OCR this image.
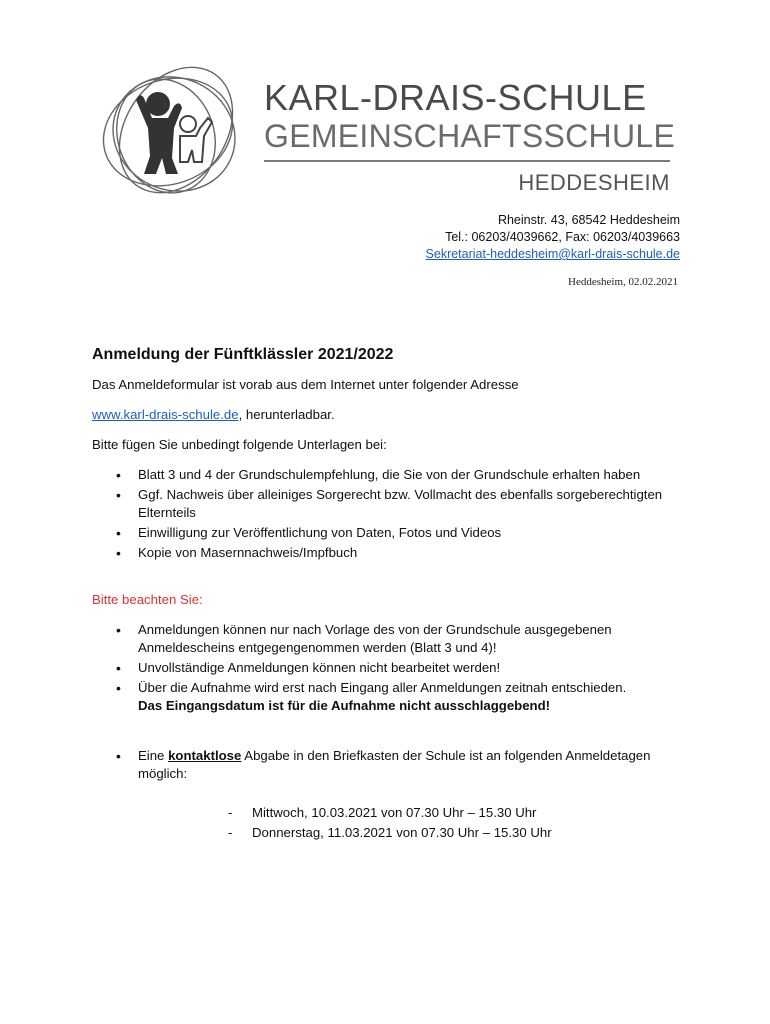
KARL-DRAIS-SCHULE
GEMEINSCHAFTSSCHULE
HEDDESHEIM
Rheinstr. 43, 68542 Heddesheim
Tel.: 06203/4039662, Fax: 06203/4039663
Sekretariat-heddesheim@karl-drais-schule.de
Heddesheim, 02.02.2021
Anmeldung der Fünftklässler 2021/2022

Das Anmeldeformular ist vorab aus dem Internet unter folgender Adresse

www.karl-drais-schule.de, herunterladbar.

Bitte fügen Sie unbedingt folgende Unterlagen bei:

• Blatt 3 und 4 der Grundschulempfehlung, die Sie von der Grundschule erhalten haben
• Ggf. Nachweis über alleiniges Sorgerecht bzw. Vollmacht des ebenfalls sorgeberechtigten Elternteils
• Einwilligung zur Veröffentlichung von Daten, Fotos und Videos
• Kopie von Masernnachweis/Impfbuch
Bitte beachten Sie:
• Anmeldungen können nur nach Vorlage des von der Grundschule ausgegebenen Anmeldescheins entgegengenommen werden (Blatt 3 und 4)!
• Unvollständige Anmeldungen können nicht bearbeitet werden!
• Über die Aufnahme wird erst nach Eingang aller Anmeldungen zeitnah entschieden.
Das Eingangsdatum ist für die Aufnahme nicht ausschlaggebend!
• Eine kontaktlose Abgabe in den Briefkasten der Schule ist an folgenden Anmeldetagen möglich:
- Mittwoch, 10.03.2021 von 07.30 Uhr – 15.30 Uhr
- Donnerstag, 11.03.2021 von 07.30 Uhr – 15.30 Uhr
